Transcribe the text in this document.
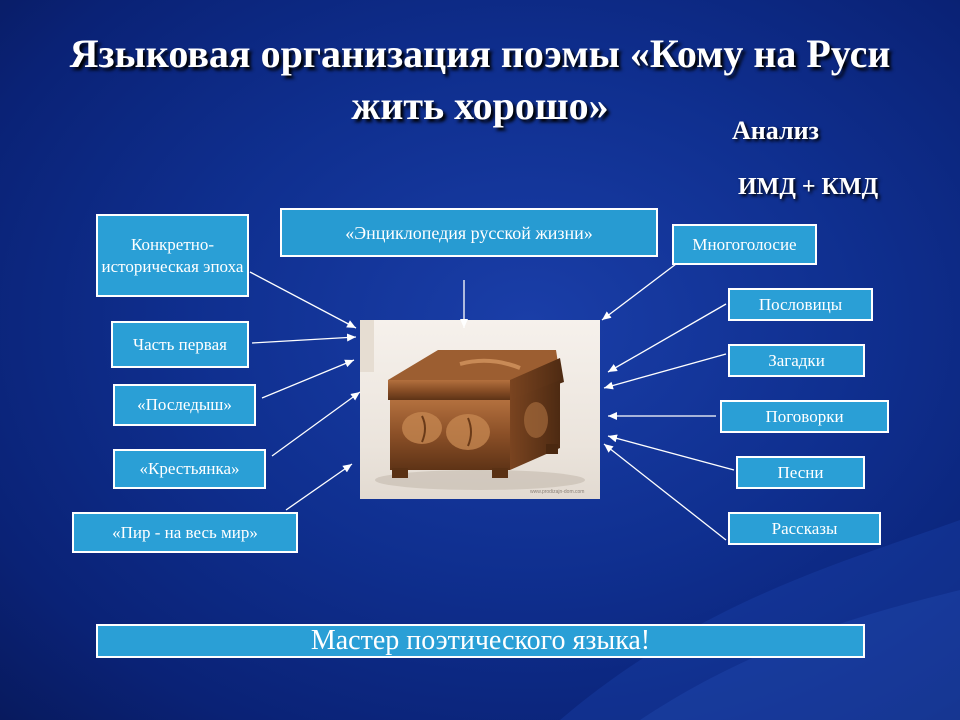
Языковая организация поэмы «Кому на Руси жить хорошо»
Анализ
ИМД + КМД
«Энциклопедия русской жизни»
Конкретно-историческая эпоха
Часть первая
«Последыш»
«Крестьянка»
«Пир - на весь мир»
Многоголосие
Пословицы
Загадки
Поговорки
Песни
Рассказы
www.prodizajn-dom.com
Мастер поэтического языка!
